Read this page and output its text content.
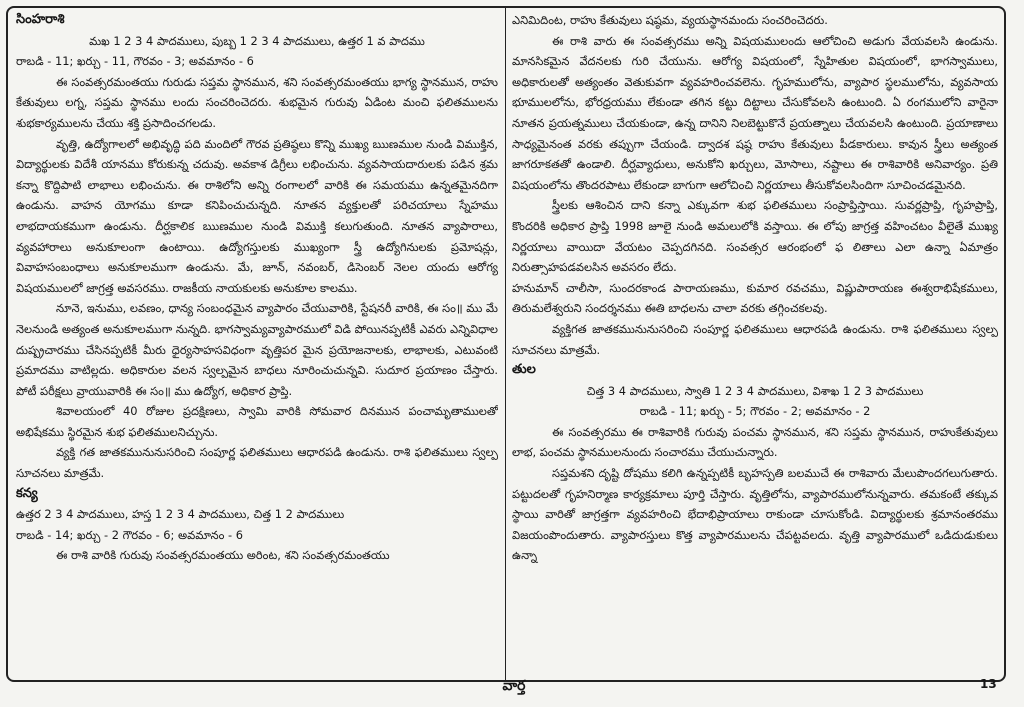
సింహరాశి

మఖ 1 2 3 4 పాదములు, పుబ్బ 1 2 3 4 పాదములు, ఉత్తర 1 వ పాదము

రాబడి - 11; ఖర్చు - 11, గౌరవం - 3; అవమానం - 6

ఈ సంవత్సరమంతయు గురుడు సప్తమ స్థానమున, శని సంవత్సరమంతయు భాగ్య స్థానమున, రాహు కేతువులు లగ్న, సప్తమ స్థానము లందు సంచరించెదరు. శుభమైన గురువు ఏడింట మంచి ఫలితములను శుభకార్యములను చేయు శక్తి ప్రసాదించగలడు.

వృత్తి, ఉద్యోగాలలో అభివృద్ధి పది మందిలో గౌరవ ప్రతిష్ఠలు కొన్ని ముఖ్య ఋణముల నుండి విముక్తిన, విద్యార్థులకు విదేశీ యానము కోరుకున్న చదువు. అవకాశ డిగ్రీలు లభించును. వ్యవసాయదారులకు పడిన శ్రమ కన్నా కొద్దిపాటి లాభాలు లభించును. ఈ రాశిలోని అన్ని రంగాలలో వారికి ఈ సమయము ఉన్నతమైనదిగా ఉండును. వాహన యోగము కూడా కనిపించుచున్నది. నూతన వ్యక్తులతో పరిచయాలు స్నేహము లాభదాయకముగా ఉండును. దీర్ఘకాలిక ఋణముల నుండి విముక్తి కలుగుతుంది. నూతన వ్యాపారాలు, వ్యవహారాలు అనుకూలంగా ఉంటాయి. ఉద్యోగస్తులకు ముఖ్యంగా స్త్రీ ఉద్యోగినులకు ప్రమోషన్లు, వివాహసంబంధాలు అనుకూలముగా ఉండును. మే, జూన్, నవంబర్, డిసెంబర్ నెలల యందు ఆరోగ్య విషయములలో జాగ్రత్త అవసరము. రాజకీయ నాయకులకు అనుకూల కాలము.

నూనె, ఇనుము, లవణం, ధాన్య సంబంధమైన వ్యాపారం చేయువారికి, స్టేషనరీ వారికి, ఈ సం॥ ము మే నెలనుండి అత్యంత అనుకూలముగా నున్నది. భాగస్వామ్యవ్యాపారములో విడి పోయినప్పటికీ ఎవరు ఎన్నివిధాల దుష్ప్రచారము చేసినప్పటికీ మీరు ధైర్యసాహసవిధంగా వృత్తిపర మైన ప్రయోజనాలకు, లాభాలకు, ఎటువంటి ప్రమాదము వాటిల్లదు. అధికారుల వలన స్వల్పమైన బాధలు నూరించుచున్నవి. సుదూర ప్రయాణం చేస్తారు. పోటీ పరీక్షలు వ్రాయువారికి ఈ సం॥ ము ఉద్యోగ, అధికార ప్రాప్తి.

శివాలయంలో 40 రోజుల ప్రదక్షిణలు, స్వామి వారికి సోమవార దినమున పంచామృతాములతో అభిషేకము స్థిరమైన శుభ ఫలితములనిచ్చును.

వ్యక్తి గత జాతకమునునుసరించి సంపూర్ణ ఫలితములు ఆధారపడి ఉండును. రాశి ఫలితములు స్వల్ప సూచనలు మాత్రమే.

కన్య

ఉత్తర 2 3 4 పాదములు, హస్త 1 2 3 4 పాదములు, చిత్త 1 2 పాదములు

రాబడి - 14; ఖర్చు - 2 గౌరవం - 6; అవమానం - 6

ఈ రాశి వారికి గురువు సంవత్సరమంతయు అరింట, శని సంవత్సరమంతయు

ఎనిమిదింట, రాహు కేతువులు షష్ఠమ, వ్యయస్థానమందు సంచరించెదరు.

ఈ రాశి వారు ఈ సంవత్సరము అన్ని విషయములందు ఆలోచించి అడుగు వేయవలసి ఉండును. మానసికమైన వేదనలకు గురి చేయును. ఆరోగ్య విషయంలో, స్నేహితుల విషయంలో, భాగస్వాములు, అధికారులతో అత్యంతం వెతుకువగా వ్యవహరించవలెను. గృహములోను, వ్యాపార స్థలములోను, వ్యవసాయ భూములలోను, భోరధ్రయము లేకుండా తగిన కట్టు దిట్టాలు చేసుకోవలసి ఉంటుంది. ఏ రంగములోని వారైనా నూతన ప్రయత్నములు చేయకుండా, ఉన్న దానిని నిలబెట్టుకొనే ప్రయత్నాలు చేయవలసి ఉంటుంది. ప్రయాణాలు సాధ్యమైనంత వరకు తప్పుగా చేయండి. ద్వాదశ షష్ఠ రాహు కేతువులు పీడకారులు. కావున స్త్రీలు అత్యంత జాగరూకతతో ఉండాలి. దీర్ఘవ్యాధులు, అనుకోని ఖర్చులు, మోసాలు, నష్టాలు ఈ రాశివారికి అనివార్యం. ప్రతి విషయంలోను తొందరపాటు లేకుండా బాగుగా ఆలోచించి నిర్ణయాలు తీసుకోవలసిందిగా సూచించడమైనది.

స్త్రీలకు ఆశించిన దాని కన్నా ఎక్కువగా శుభ ఫలితములు సంప్రాప్తిస్తాయి. సువర్ణప్రాప్తి, గృహప్రాప్తి, కొందరికి అధికార ప్రాప్తి 1998 జూలై నుండి అమలులోకి వస్తాయి. ఈ లోపు జాగ్రత్త వహించటం వీలైతే ముఖ్య నిర్ణయాలు వాయిదా వేయటం చెప్పదగినది. సంవత్సర ఆరంభంలో ఫ లితాలు ఎలా ఉన్నా ఏమాత్రం నిరుత్సాహపడవలసిన అవసరం లేదు.

హనుమాన్ చాలీసా, సుందరకాండ పారాయణము, కుమార రవచము, విష్ణుపారాయణ ఈశ్వరాభిషేకములు, తిరుమలేశ్వరుని సందర్శనము ఈతి బాధలను చాలా వరకు తగ్గించకలవు.

వ్యక్తిగత జాతకమునునుసరించి సంపూర్ణ ఫలితములు ఆధారపడి ఉండును. రాశి ఫలితములు స్వల్ప సూచనలు మాత్రమే.

తుల

చిత్త 3 4 పాదములు, స్వాతి 1 2 3 4 పాదములు, విశాఖ 1 2 3 పాదములు

రాబడి - 11; ఖర్చు - 5; గౌరవం - 2; అవమానం - 2

ఈ సంవత్సరము ఈ రాశివారికి గురువు పంచమ స్థానమున, శని సప్తమ స్థానమున, రాహుకేతువులు లాభ, పంచమ స్థానములనుందు సంచారము చేయుచున్నారు.

సప్తమశని దృష్టి దోషము కలిగి ఉన్నప్పటికీ బృహస్పతి బలముచే ఈ రాశివారు మేలుపొందగలుగుతారు. పట్టుదలతో గృహనిర్మాణ కార్యక్రమాలు పూర్తి చేస్తారు. వృత్తిలోను, వ్యాపారములోనున్నవారు. తమకంటే తక్కువ స్థాయి వారితో జాగ్రత్తగా వ్యవహరించి భేదాభిప్రాయాలు రాకుండా చూసుకోండి. విద్యార్థులకు శ్రమానంతరము విజయంపొందుతారు. వ్యాపారస్తులు కొత్త వ్యాపారములను చేపట్టవలదు. వృత్తి వ్యాపారములో ఒడిదుడుకులు ఉన్నా

వార్త	13
